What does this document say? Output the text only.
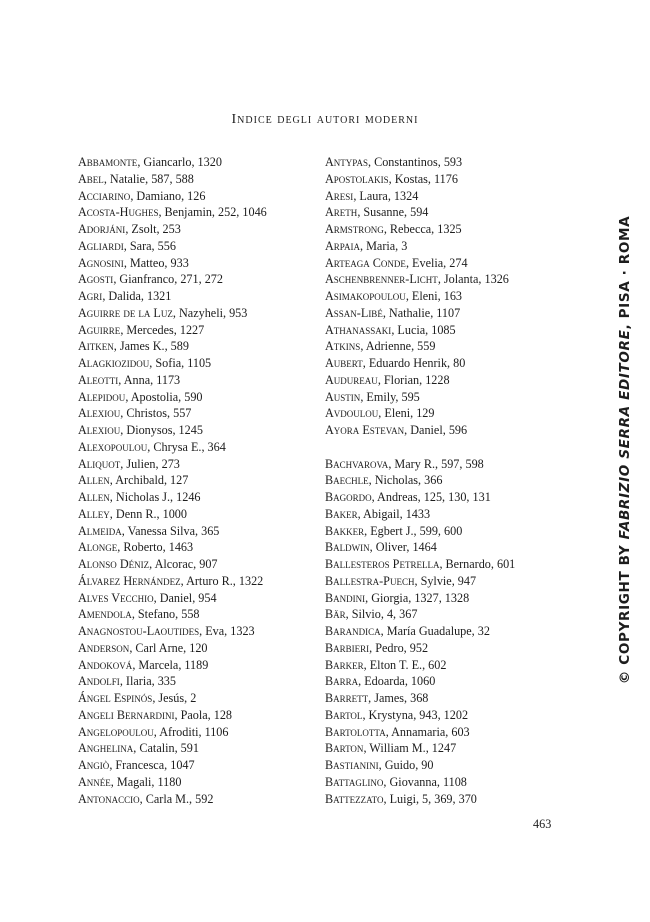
Indice degli autori moderni
Abbamonte, Giancarlo, 1320
Abel, Natalie, 587, 588
Acciarino, Damiano, 126
Acosta-Hughes, Benjamin, 252, 1046
Adorjáni, Zsolt, 253
Agliardi, Sara, 556
Agnosini, Matteo, 933
Agosti, Gianfranco, 271, 272
Agri, Dalida, 1321
Aguirre de la Luz, Nazyheli, 953
Aguirre, Mercedes, 1227
Aitken, James K., 589
Alagkiozidou, Sofia, 1105
Aleotti, Anna, 1173
Alepidou, Apostolia, 590
Alexiou, Christos, 557
Alexiou, Dionysos, 1245
Alexopoulou, Chrysa E., 364
Aliquot, Julien, 273
Allen, Archibald, 127
Allen, Nicholas J., 1246
Alley, Denn R., 1000
Almeida, Vanessa Silva, 365
Alonge, Roberto, 1463
Alonso Déniz, Alcorac, 907
Álvarez Hernández, Arturo R., 1322
Alves Vecchio, Daniel, 954
Amendola, Stefano, 558
Anagnostou-Laoutides, Eva, 1323
Anderson, Carl Arne, 120
Andoková, Marcela, 1189
Andolfi, Ilaria, 335
Ángel Espinós, Jesús, 2
Angeli Bernardini, Paola, 128
Angelopoulou, Afroditi, 1106
Anghelina, Catalin, 591
Angiò, Francesca, 1047
Année, Magali, 1180
Antonaccio, Carla M., 592
Antypas, Constantinos, 593
Apostolakis, Kostas, 1176
Aresi, Laura, 1324
Areth, Susanne, 594
Armstrong, Rebecca, 1325
Arpaia, Maria, 3
Arteaga Conde, Evelia, 274
Aschenbrenner-Licht, Jolanta, 1326
Asimakopoulou, Eleni, 163
Assan-Libé, Nathalie, 1107
Athanassaki, Lucia, 1085
Atkins, Adrienne, 559
Aubert, Eduardo Henrik, 80
Audureau, Florian, 1228
Austin, Emily, 595
Avdoulou, Eleni, 129
Ayora Estevan, Daniel, 596
Bachvarova, Mary R., 597, 598
Baechle, Nicholas, 366
Bagordo, Andreas, 125, 130, 131
Baker, Abigail, 1433
Bakker, Egbert J., 599, 600
Baldwin, Oliver, 1464
Ballesteros Petrella, Bernardo, 601
Ballestra-Puech, Sylvie, 947
Bandini, Giorgia, 1327, 1328
Bär, Silvio, 4, 367
Barandica, María Guadalupe, 32
Barbieri, Pedro, 952
Barker, Elton T. E., 602
Barra, Edoarda, 1060
Barrett, James, 368
Bartol, Krystyna, 943, 1202
Bartolotta, Annamaria, 603
Barton, William M., 1247
Bastianini, Guido, 90
Battaglino, Giovanna, 1108
Battezzato, Luigi, 5, 369, 370
463
© COPYRIGHT BY FABRIZIO SERRA EDITORE, PISA · ROMA
